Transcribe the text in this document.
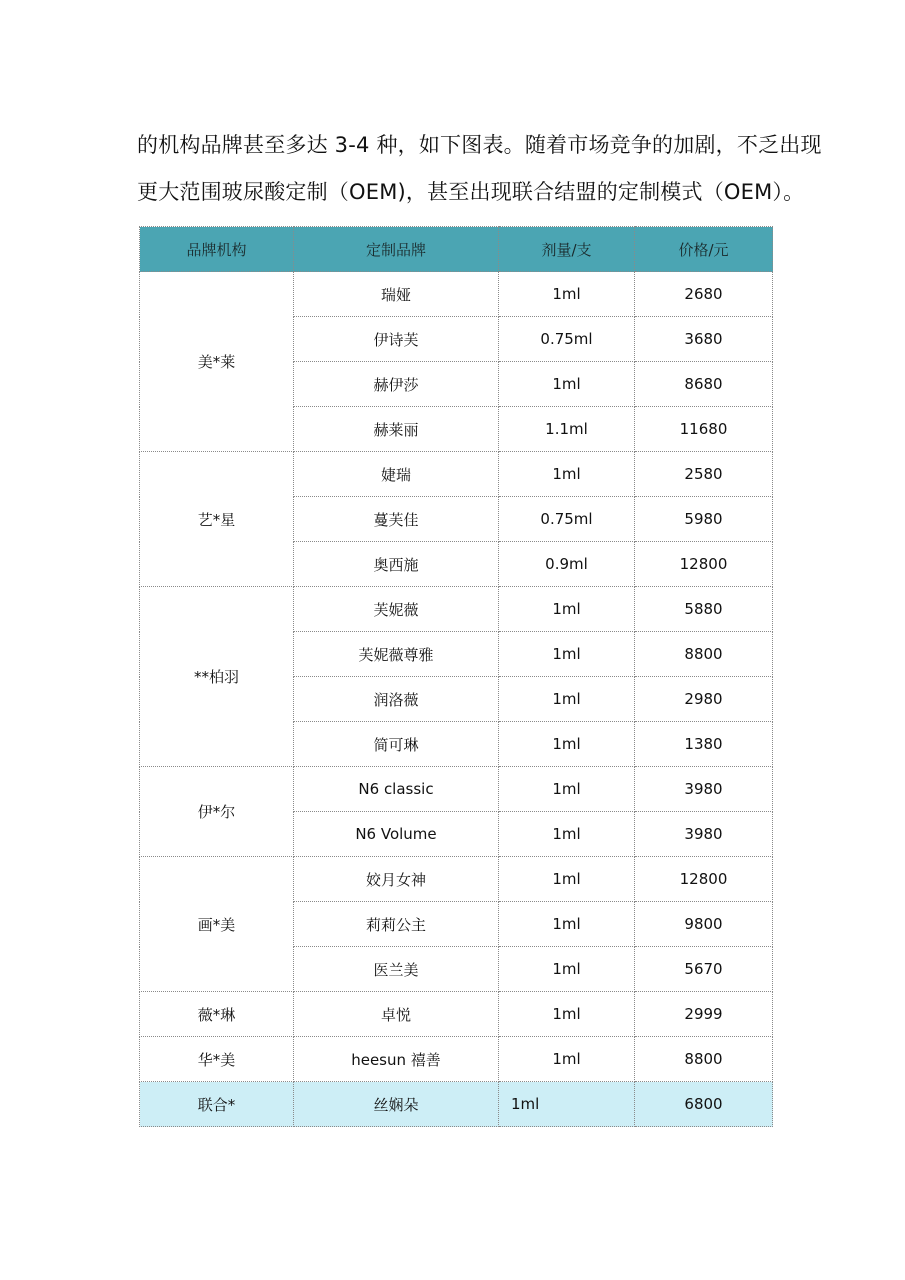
的机构品牌甚至多达 3-4 种，如下图表。随着市场竞争的加剧，不乏出现

更大范围玻尿酸定制（OEM)，甚至出现联合结盟的定制模式（OEM）。

品牌机构	定制品牌	剂量/支	价格/元
美*莱	瑞娅	1ml	2680
	伊诗芙	0.75ml	3680
	赫伊莎	1ml	8680
	赫莱丽	1.1ml	11680
艺*星	婕瑞	1ml	2580
	蔓芙佳	0.75ml	5980
	奥西施	0.9ml	12800
**柏羽	芙妮薇	1ml	5880
	芙妮薇尊雅	1ml	8800
	润洛薇	1ml	2980
	简可琳	1ml	1380
伊*尔	N6 classic	1ml	3980
	N6 Volume	1ml	3980
画*美	姣月女神	1ml	12800
	莉莉公主	1ml	9800
	医兰美	1ml	5670
薇*琳	卓悦	1ml	2999
华*美	heesun 禧善	1ml	8800
联合*	丝娴朵	1ml	6800
